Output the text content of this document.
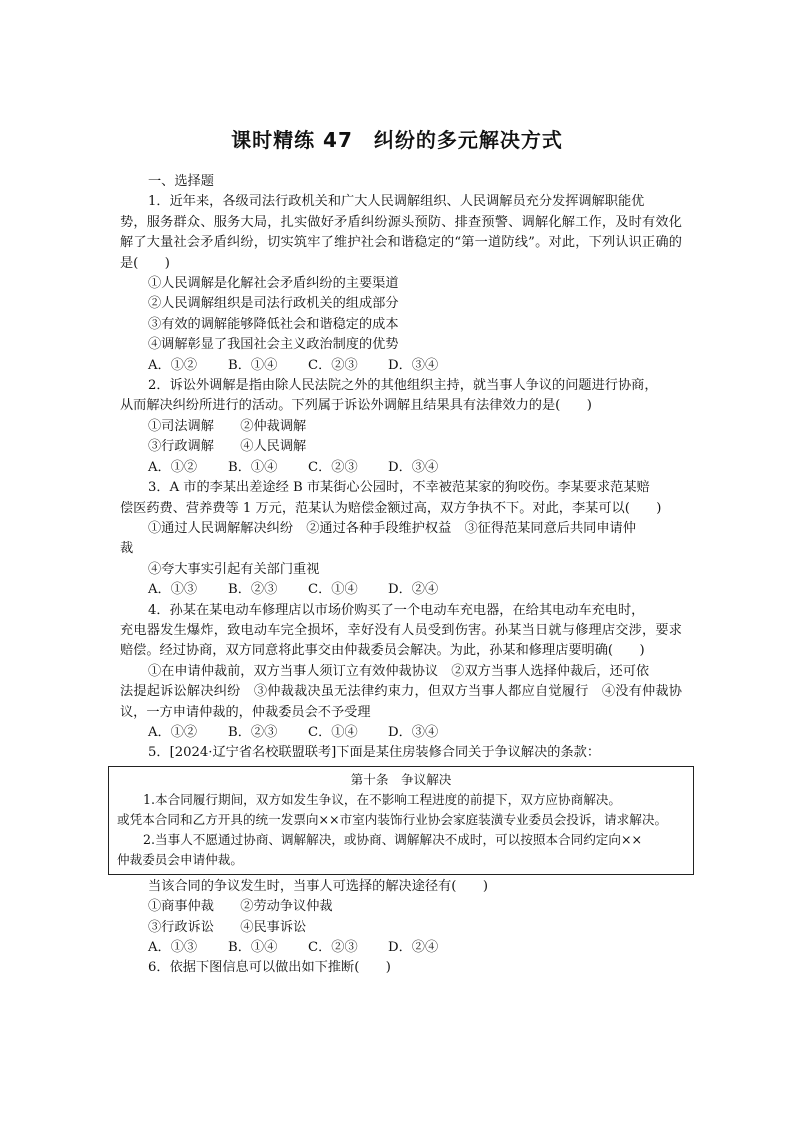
课时精练 47　纠纷的多元解决方式

一、选择题

1．近年来，各级司法行政机关和广大人民调解组织、人民调解员充分发挥调解职能优

势，服务群众、服务大局，扎实做好矛盾纠纷源头预防、排查预警、调解化解工作，及时有效化解了大量社会矛盾纠纷，切实筑牢了维护社会和谐稳定的“第一道防线”。对此，下列认识正确的是(　　)

①人民调解是化解社会矛盾纠纷的主要渠道

②人民调解组织是司法行政机关的组成部分

③有效的调解能够降低社会和谐稳定的成本

④调解彰显了我国社会主义政治制度的优势

A．①② B．①④ C．②③ D．③④

2．诉讼外调解是指由除人民法院之外的其他组织主持，就当事人争议的问题进行协商，

从而解决纠纷所进行的活动。下列属于诉讼外调解且结果具有法律效力的是(　　)

①司法调解　　②仲裁调解

③行政调解　　④人民调解

A．①② B．①④ C．②③ D．③④

3．A 市的李某出差途经 B 市某街心公园时，不幸被范某家的狗咬伤。李某要求范某赔

偿医药费、营养费等 1 万元，范某认为赔偿金额过高，双方争执不下。对此，李某可以(　　)

①通过人民调解解决纠纷　②通过各种手段维护权益　③征得范某同意后共同申请仲

裁

④夸大事实引起有关部门重视

A．①③ B．②③ C．①④ D．②④

4．孙某在某电动车修理店以市场价购买了一个电动车充电器，在给其电动车充电时，

充电器发生爆炸，致电动车完全损坏，幸好没有人员受到伤害。孙某当日就与修理店交涉，要求赔偿。经过协商，双方同意将此事交由仲裁委员会解决。为此，孙某和修理店要明确(　　)

①在申请仲裁前，双方当事人须订立有效仲裁协议　②双方当事人选择仲裁后，还可依

法提起诉讼解决纠纷　③仲裁裁决虽无法律约束力，但双方当事人都应自觉履行　④没有仲裁协议，一方申请仲裁的，仲裁委员会不予受理

A．①② B．②③ C．①④ D．③④

5．[2024·辽宁省名校联盟联考]下面是某住房装修合同关于争议解决的条款：

第十条　争议解决

1.本合同履行期间，双方如发生争议，在不影响工程进度的前提下，双方应协商解决。

或凭本合同和乙方开具的统一发票向××市室内装饰行业协会家庭装潢专业委员会投诉，请求解决。

2.当事人不愿通过协商、调解解决，或协商、调解解决不成时，可以按照本合同约定向××

仲裁委员会申请仲裁。

当该合同的争议发生时，当事人可选择的解决途径有(　　)

①商事仲裁　　②劳动争议仲裁

③行政诉讼　　④民事诉讼

A．①③ B．①④ C．②③ D．②④

6．依据下图信息可以做出如下推断(　　)
